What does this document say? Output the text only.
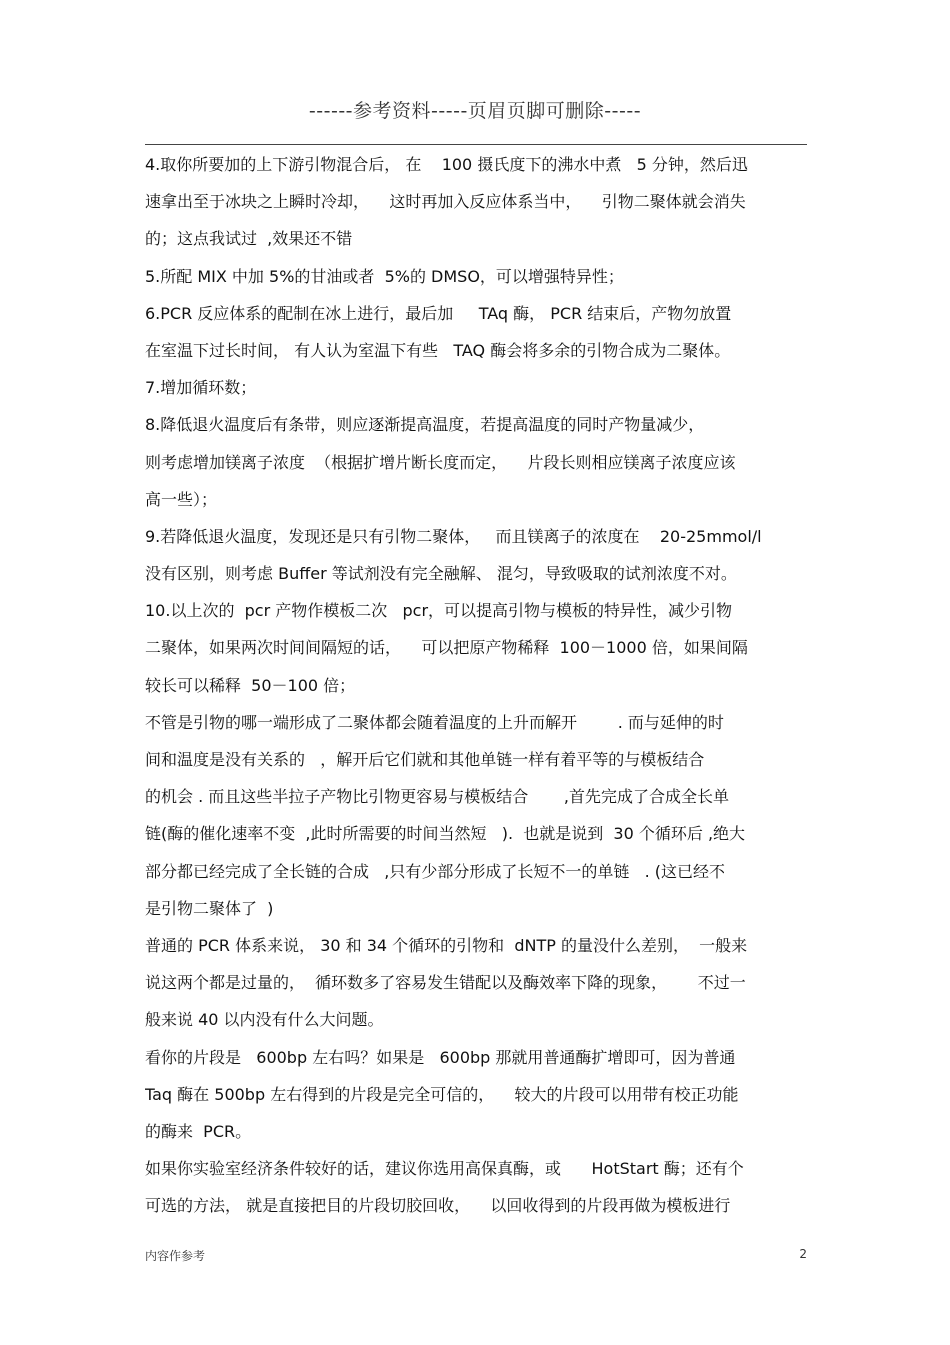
------参考资料-----页眉页脚可删除-----
4.取你所要加的上下游引物混合后， 在    100 摄氏度下的沸水中煮   5 分钟，然后迅
速拿出至于冰块之上瞬时冷却，    这时再加入反应体系当中，    引物二聚体就会消失
的；这点我试过  ,效果还不错
5.所配 MIX 中加 5%的甘油或者  5%的 DMSO，可以增强特异性；
6.PCR 反应体系的配制在冰上进行，最后加     TAq 酶， PCR 结束后，产物勿放置
在室温下过长时间， 有人认为室温下有些   TAQ 酶会将多余的引物合成为二聚体。
7.增加循环数；
8.降低退火温度后有条带，则应逐渐提高温度，若提高温度的同时产物量减少，
则考虑增加镁离子浓度  （根据扩增片断长度而定，    片段长则相应镁离子浓度应该
高一些）；
9.若降低退火温度，发现还是只有引物二聚体，   而且镁离子的浓度在    20-25mmol/l
没有区别，则考虑 Buffer 等试剂没有完全融解、 混匀，导致吸取的试剂浓度不对。
10.以上次的  pcr 产物作模板二次   pcr，可以提高引物与模板的特异性，减少引物
二聚体，如果两次时间间隔短的话，    可以把原产物稀释  100－1000 倍，如果间隔
较长可以稀释  50－100 倍；
不管是引物的哪一端形成了二聚体都会随着温度的上升而解开        . 而与延伸的时
间和温度是没有关系的   ，解开后它们就和其他单链一样有着平等的与模板结合
的机会 . 而且这些半拉子产物比引物更容易与模板结合       ,首先完成了合成全长单
链(酶的催化速率不变  ,此时所需要的时间当然短   ).  也就是说到  30 个循环后 ,绝大
部分都已经完成了全长链的合成   ,只有少部分形成了长短不一的单链   . (这已经不
是引物二聚体了  )
普通的 PCR 体系来说， 30 和 34 个循环的引物和  dNTP 的量没什么差别，  一般来
说这两个都是过量的，  循环数多了容易发生错配以及酶效率下降的现象，      不过一
般来说 40 以内没有什么大问题。
看你的片段是   600bp 左右吗？如果是   600bp 那就用普通酶扩增即可，因为普通
Taq 酶在 500bp 左右得到的片段是完全可信的，    较大的片段可以用带有校正功能
的酶来  PCR。
如果你实验室经济条件较好的话，建议你选用高保真酶，或      HotStart 酶；还有个
可选的方法， 就是直接把目的片段切胶回收，    以回收得到的片段再做为模板进行
内容作参考	2
